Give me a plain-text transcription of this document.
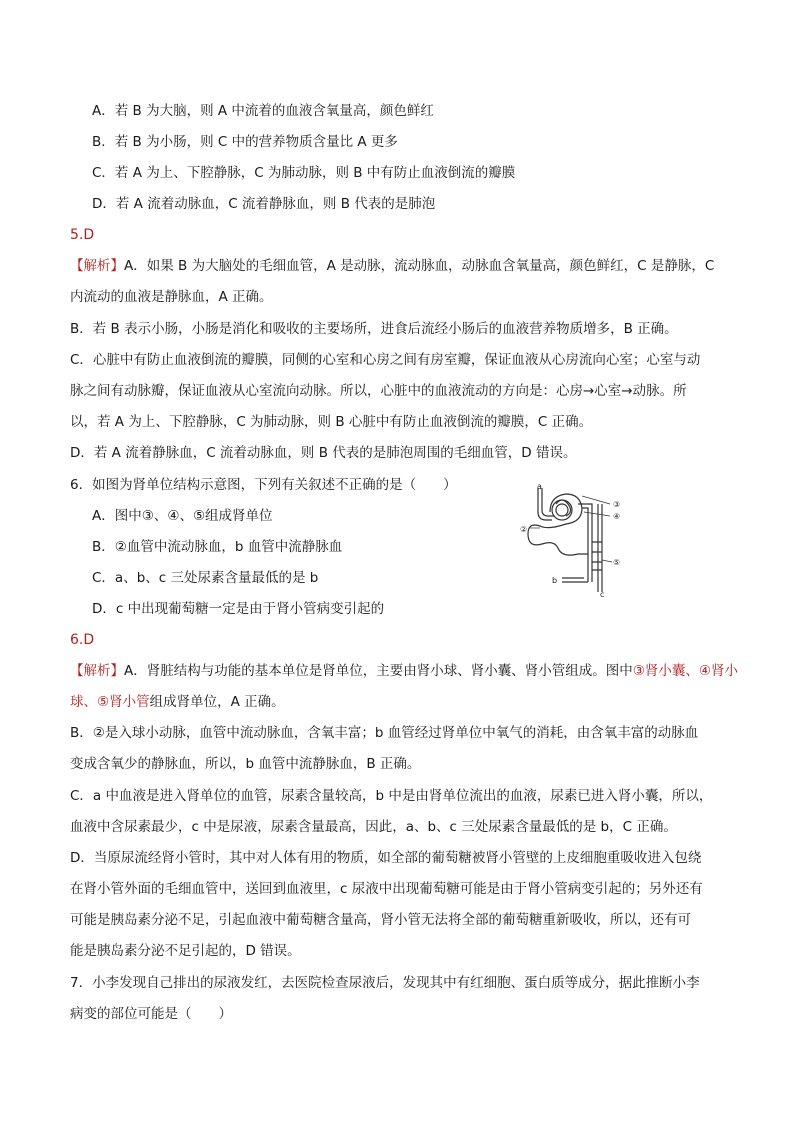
A．若 B 为大脑，则 A 中流着的血液含氧量高，颜色鲜红
B．若 B 为小肠，则 C 中的营养物质含量比 A 更多
C．若 A 为上、下腔静脉，C 为肺动脉，则 B 中有防止血液倒流的瓣膜
D．若 A 流着动脉血，C 流着静脉血，则 B 代表的是肺泡
5.D
【解析】A．如果 B 为大脑处的毛细血管，A 是动脉，流动脉血，动脉血含氧量高，颜色鲜红，C 是静脉，C
内流动的血液是静脉血，A 正确。
B．若 B 表示小肠，小肠是消化和吸收的主要场所，进食后流经小肠后的血液营养物质增多，B 正确。
C．心脏中有防止血液倒流的瓣膜，同侧的心室和心房之间有房室瓣，保证血液从心房流向心室；心室与动
脉之间有动脉瓣，保证血液从心室流向动脉。所以，心脏中的血液流动的方向是：心房→心室→动脉。所
以，若 A 为上、下腔静脉，C 为肺动脉，则 B 心脏中有防止血液倒流的瓣膜，C 正确。
D．若 A 流着静脉血，C 流着动脉血，则 B 代表的是肺泡周围的毛细血管，D 错误。
6．如图为肾单位结构示意图，下列有关叙述不正确的是（　　）
A．图中③、④、⑤组成肾单位
B．②血管中流动脉血，b 血管中流静脉血
C．a、b、c 三处尿素含量最低的是 b
D．c 中出现葡萄糖一定是由于肾小管病变引起的
a
③
④
⑤
②
b
c
6.D
【解析】A．肾脏结构与功能的基本单位是肾单位，主要由肾小球、肾小囊、肾小管组成。图中③肾小囊、④肾小
球、⑤肾小管组成肾单位，A 正确。
B．②是入球小动脉，血管中流动脉血，含氧丰富；b 血管经过肾单位中氧气的消耗，由含氧丰富的动脉血
变成含氧少的静脉血，所以，b 血管中流静脉血，B 正确。
C．a 中血液是进入肾单位的血管，尿素含量较高，b 中是由肾单位流出的血液，尿素已进入肾小囊，所以，
血液中含尿素最少，c 中是尿液，尿素含量最高，因此，a、b、c 三处尿素含量最低的是 b，C 正确。
D．当原尿流经肾小管时，其中对人体有用的物质，如全部的葡萄糖被肾小管壁的上皮细胞重吸收进入包绕
在肾小管外面的毛细血管中，送回到血液里，c 尿液中出现葡萄糖可能是由于肾小管病变引起的；另外还有
可能是胰岛素分泌不足，引起血液中葡萄糖含量高，肾小管无法将全部的葡萄糖重新吸收，所以，还有可
能是胰岛素分泌不足引起的，D 错误。
7．小李发现自己排出的尿液发红，去医院检查尿液后，发现其中有红细胞、蛋白质等成分，据此推断小李
病变的部位可能是（　　）
